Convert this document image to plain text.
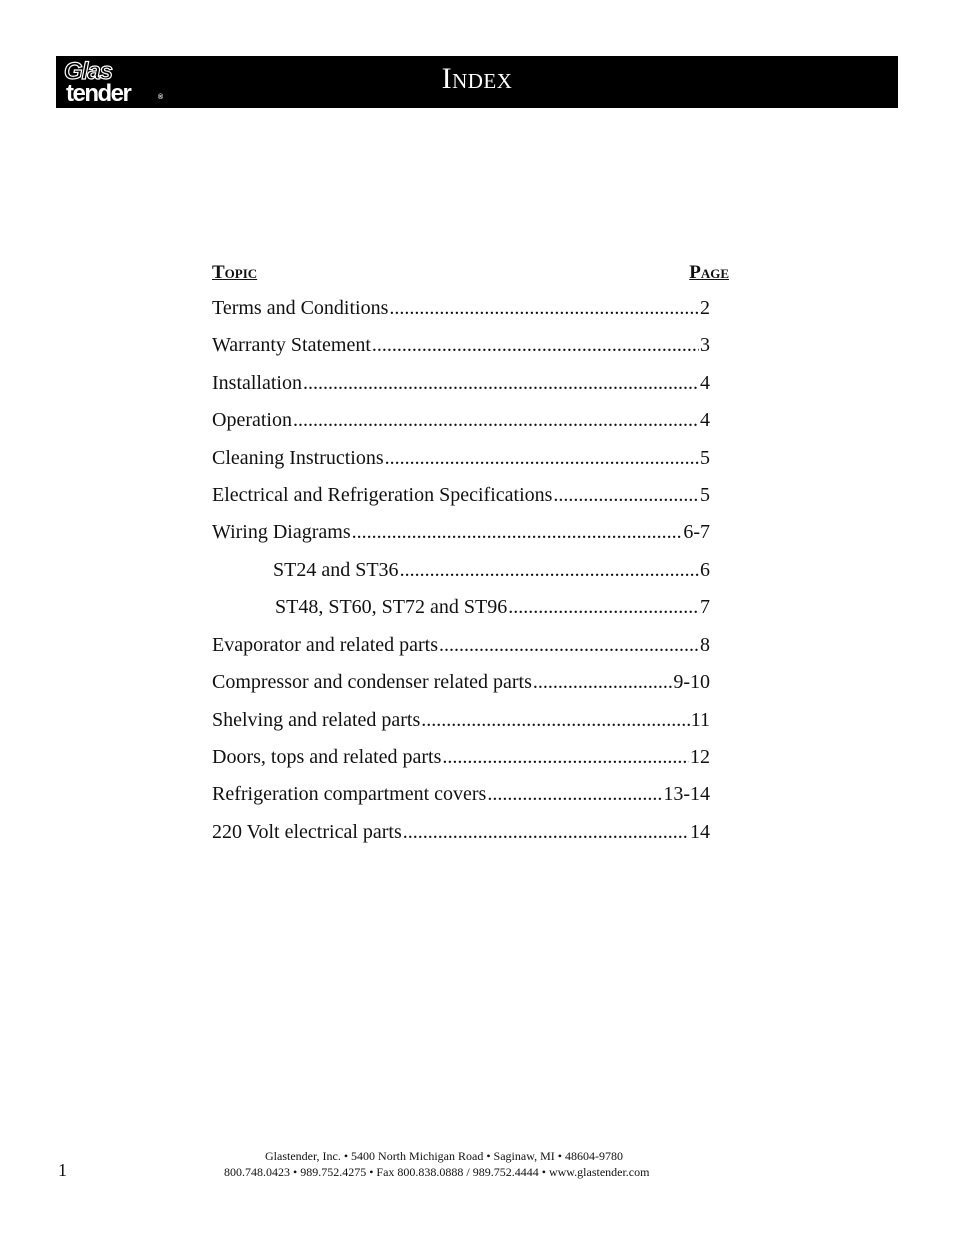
Glas
tender	®
Index
Topic	Page
Terms and Conditions .....	2
Warranty Statement .....	3
Installation .....	4
Operation .....	4
Cleaning Instructions .....	5
Electrical and Refrigeration Specifications .....	5
Wiring Diagrams .....	6-7
ST24 and ST36 .....	6
ST48, ST60, ST72 and ST96 .....	7
Evaporator and related parts .....	8
Compressor and condenser related parts .....	9-10
Shelving and related parts .....	11
Doors, tops and related parts .....	12
Refrigeration compartment covers .....	13-14
220 Volt electrical parts .....	14
1
Glastender, Inc. • 5400 North Michigan Road • Saginaw, MI • 48604-9780
800.748.0423 • 989.752.4275 • Fax 800.838.0888 / 989.752.4444 • www.glastender.com
